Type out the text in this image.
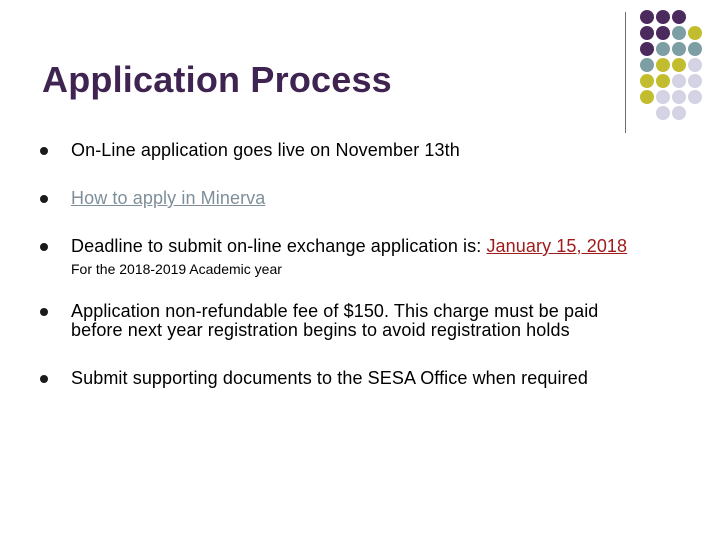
Application Process
On-Line application goes live on November 13th
How to apply in Minerva
Deadline to submit on-line exchange application is: January 15, 2018
For the 2018-2019 Academic year
Application non-refundable fee of $150. This charge must be paid
before next year registration begins to avoid registration holds
Submit supporting documents to the SESA Office when required
